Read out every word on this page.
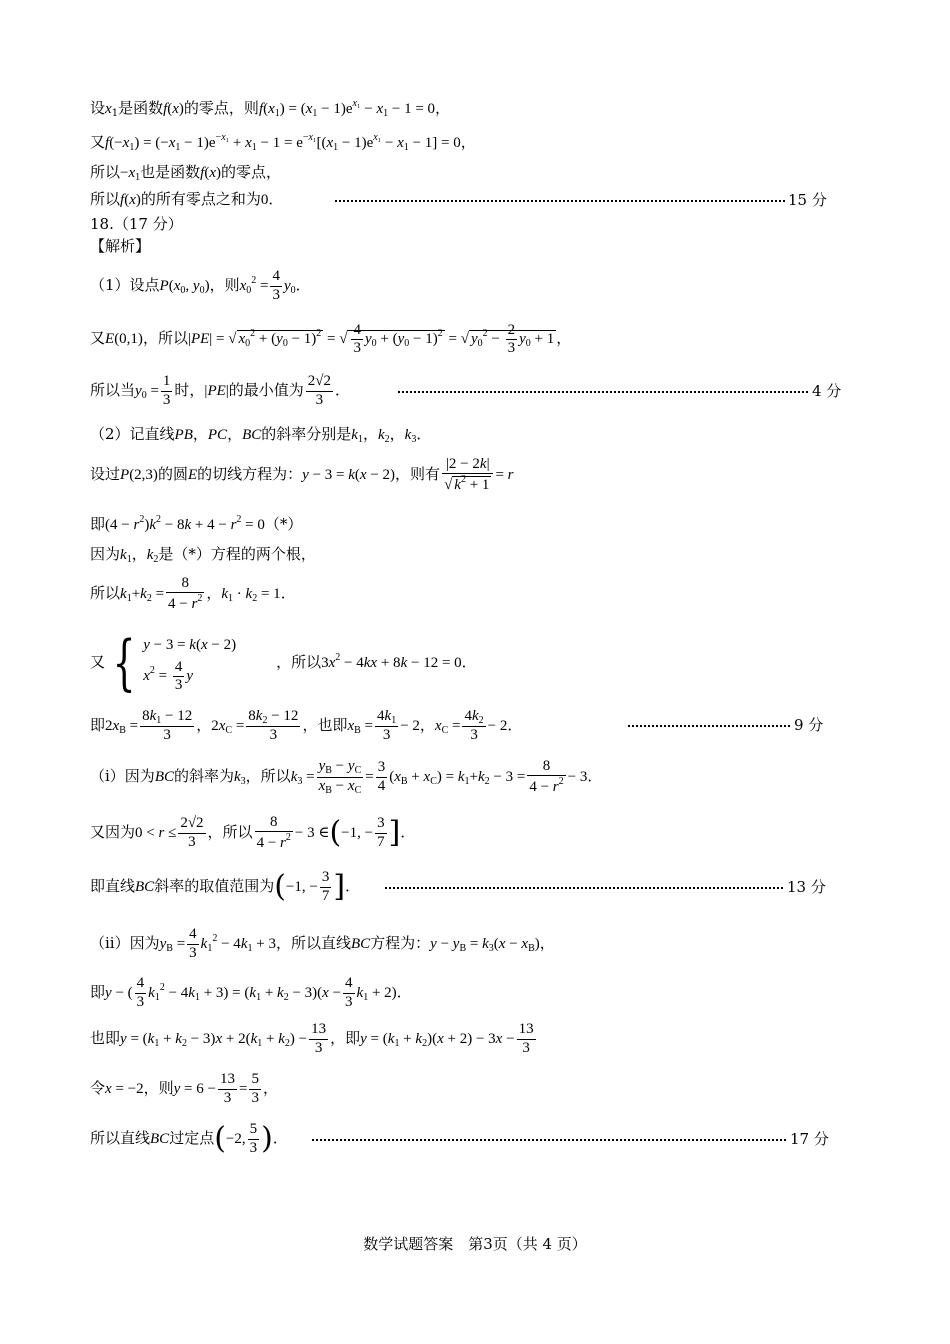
设$x_1$是函数f(x)的零点，则$f(x_1) = (x_1 - 1)e^{x_1} - x_1 - 1 = 0$，
又$f(-x_1) = (-x_1 - 1)e^{-x_1} + x_1 - 1 = e^{-x_1}[(x_1 - 1)e^{x_1} - x_1 - 1] = 0$，
所以$-x_1$也是函数f(x)的零点，
所以f(x)的所有零点之和为0．	15 分
18.（17 分）
【解析】
（1）设点$P(x_0$, $y_0$)，则$x_0^2 = \frac{4}{3} y_0$．
又E(0,1)，所以|PE| = √ $x_0^2 + (y_0 - 1)^2$ = √ $\frac{4}{3} y_0 + (y_0 - 1)^2$ = √ $y_0^2 - \frac{2}{3} y_0 + 1$ ，
所以当$y_0 = \frac{1}{3}$ 时，|PE|的最小值为 $\frac{2√2}{3}$ ．	4 分
（2）记直线PB，PC，BC的斜率分别是$k_1$，$k_2$，$k_3$．
设过P(2,3)的圆E的切线方程为：y − 3 = k(x − 2)，则有 $\frac{|2 - 2k|}{√ k^2 + 1} = r$
即$(4 - r^2)k^2 - 8k + 4 - r^2 = 0(*)$
因为$k_1$，$k_2$是（*）方程的两个根，
所以$k_1+k_2 = \frac{8}{4 - r^2}$ ，$k_1 \cdot k_2 = 1$．
又 { y − 3 = k(x − 2)
$x^2 = \frac{4}{3}$ y
，所以$3x^2 - 4kx + 8k - 12 = 0$．
即$2x_B = \frac{8k_1 - 12}{3}$ ，$2x_C = \frac{8k_2 - 12}{3}$ ，也即$x_B = \frac{4k_1}{3} - 2$，$x_C = \frac{4k_2}{3} - 2$．	9 分
（i）因为BC的斜率为$k_3$，所以$k_3 = \frac{y_B - y_C}{x_B - x_C} = \frac{3}{4} (x_B + x_C) = k_1+k_2 - 3 = \frac{8}{4 - r^2} - 3$．
又因为$0 < r \le \frac{2√2}{3}$ ，所以 $\frac{8}{4 - r^2} - 3$ ∈(−1, − $\frac{3}{7}$ ]．
即直线BC斜率的取值范围为(−1, − $\frac{3}{7}$ ]．	13 分
（ii）因为$y_B = \frac{4}{3} k_1^2 - 4k_1 + 3$，所以直线BC方程为：$y - y_B = k_3(x - x_B)$，
即y − ( $\frac{4}{3} k_1^2 - 4k_1 + 3) = (k_1 + k_2 - 3)(x - \frac{4}{3} k_1 + 2)$．
也即$y = (k_1 + k_2 - 3)x + 2(k_1 + k_2) - \frac{13}{3}$ ，即$y = (k_1 + k_2)(x + 2) - 3x - \frac{13}{3}$
令x = −2，则$y = 6 - \frac{13}{3} = \frac{5}{3}$ ，
所以直线BC过定点(−2, $\frac{5}{3}$ )．	17 分
数学试题答案　第3页（共 4 页）
